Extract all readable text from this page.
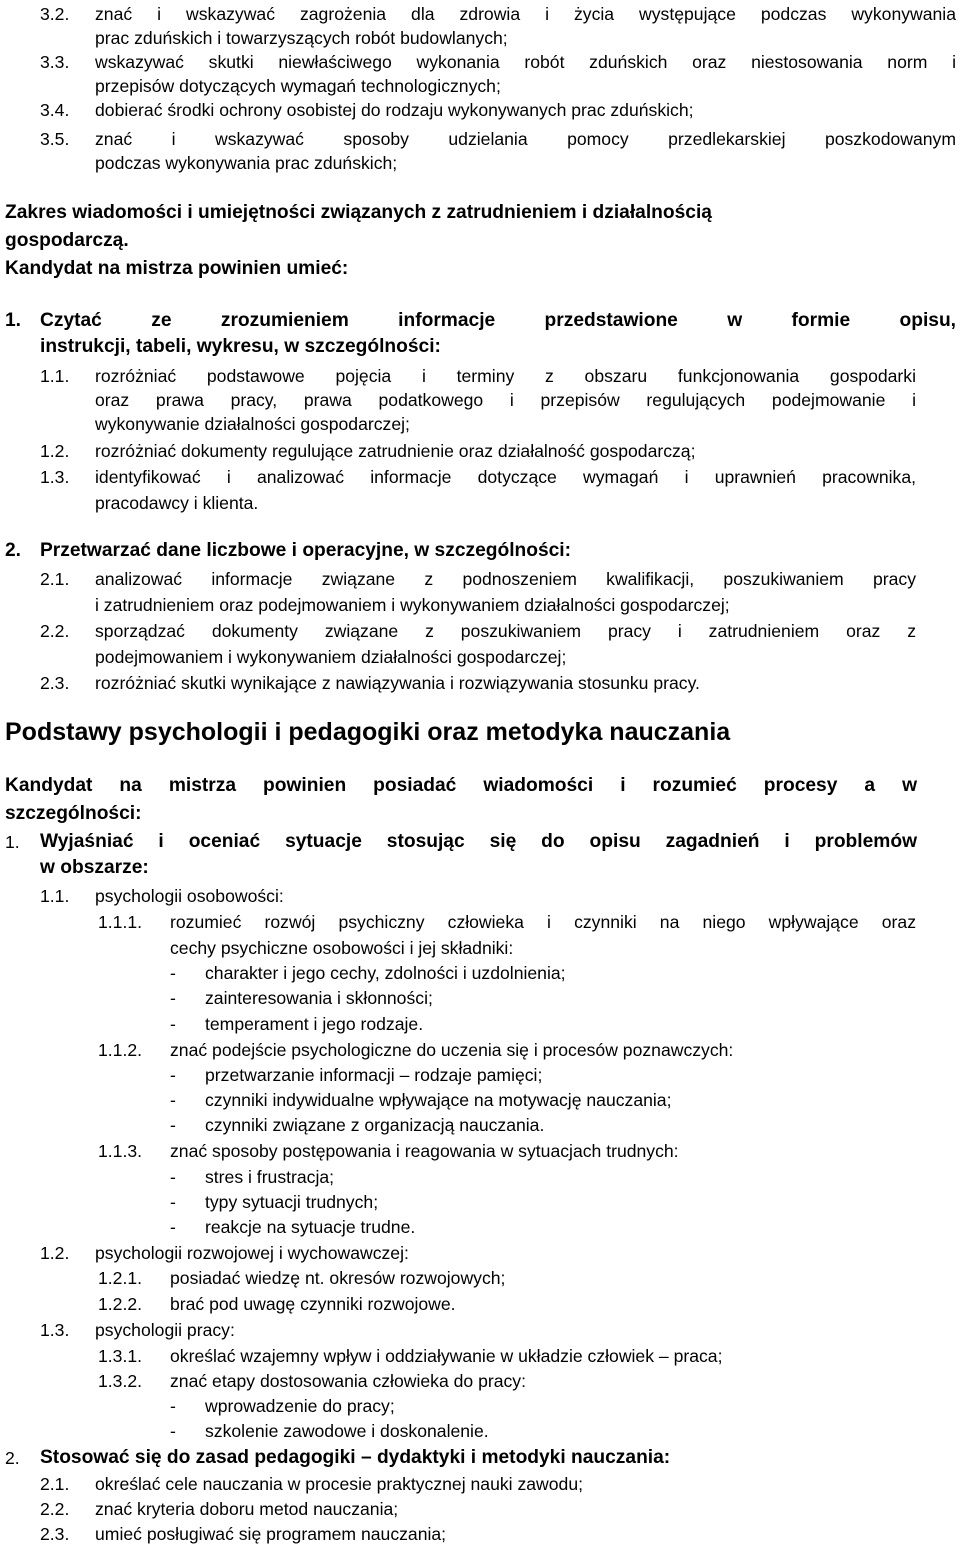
3.2. znać i wskazywać zagrożenia dla zdrowia i życia występujące podczas wykonywania
prac zduńskich i towarzyszących robót budowlanych;
3.3. wskazywać skutki niewłaściwego wykonania robót zduńskich oraz niestosowania norm i
przepisów dotyczących wymagań technologicznych;
3.4. dobierać środki ochrony osobistej do rodzaju wykonywanych prac zduńskich;
3.5. znać i wskazywać sposoby udzielania pomocy przedlekarskiej poszkodowanym
podczas wykonywania prac zduńskich;
Zakres wiadomości i umiejętności związanych z zatrudnieniem i działalnością
gospodarczą.
Kandydat na mistrza powinien umieć:
1. Czytać ze zrozumieniem informacje przedstawione w formie opisu,
instrukcji, tabeli, wykresu, w szczególności:
1.1. rozróżniać podstawowe pojęcia i terminy z obszaru funkcjonowania gospodarki
oraz prawa pracy, prawa podatkowego i przepisów regulujących podejmowanie i
wykonywanie działalności gospodarczej;
1.2. rozróżniać dokumenty regulujące zatrudnienie oraz działalność gospodarczą;
1.3. identyfikować i analizować informacje dotyczące wymagań i uprawnień pracownika,
pracodawcy i klienta.
2. Przetwarzać dane liczbowe i operacyjne, w szczególności:
2.1. analizować informacje związane z podnoszeniem kwalifikacji, poszukiwaniem pracy
i zatrudnieniem oraz podejmowaniem i wykonywaniem działalności gospodarczej;
2.2. sporządzać dokumenty związane z poszukiwaniem pracy i zatrudnieniem oraz z
podejmowaniem i wykonywaniem działalności gospodarczej;
2.3. rozróżniać skutki wynikające z nawiązywania i rozwiązywania stosunku pracy.
Podstawy psychologii i pedagogiki oraz metodyka nauczania
Kandydat na mistrza powinien posiadać wiadomości i rozumieć procesy a w
szczególności:
1. Wyjaśniać i oceniać sytuacje stosując się do opisu zagadnień i problemów
w obszarze:
1.1. psychologii osobowości:
1.1.1. rozumieć rozwój psychiczny człowieka i czynniki na niego wpływające oraz
cechy psychiczne osobowości i jej składniki:
- charakter i jego cechy, zdolności i uzdolnienia;
- zainteresowania i skłonności;
- temperament i jego rodzaje.
1.1.2. znać podejście psychologiczne do uczenia się i procesów poznawczych:
- przetwarzanie informacji – rodzaje pamięci;
- czynniki indywidualne wpływające na motywację nauczania;
- czynniki związane z organizacją nauczania.
1.1.3. znać sposoby postępowania i reagowania w sytuacjach trudnych:
- stres i frustracja;
- typy sytuacji trudnych;
- reakcje na sytuacje trudne.
1.2. psychologii rozwojowej i wychowawczej:
1.2.1. posiadać wiedzę nt. okresów rozwojowych;
1.2.2. brać pod uwagę czynniki rozwojowe.
1.3. psychologii pracy:
1.3.1. określać wzajemny wpływ i oddziaływanie w układzie człowiek – praca;
1.3.2. znać etapy dostosowania człowieka do pracy:
- wprowadzenie do pracy;
- szkolenie zawodowe i doskonalenie.
2. Stosować się do zasad pedagogiki – dydaktyki i metodyki nauczania:
2.1. określać cele nauczania w procesie praktycznej nauki zawodu;
2.2. znać kryteria doboru metod nauczania;
2.3. umieć posługiwać się programem nauczania;
